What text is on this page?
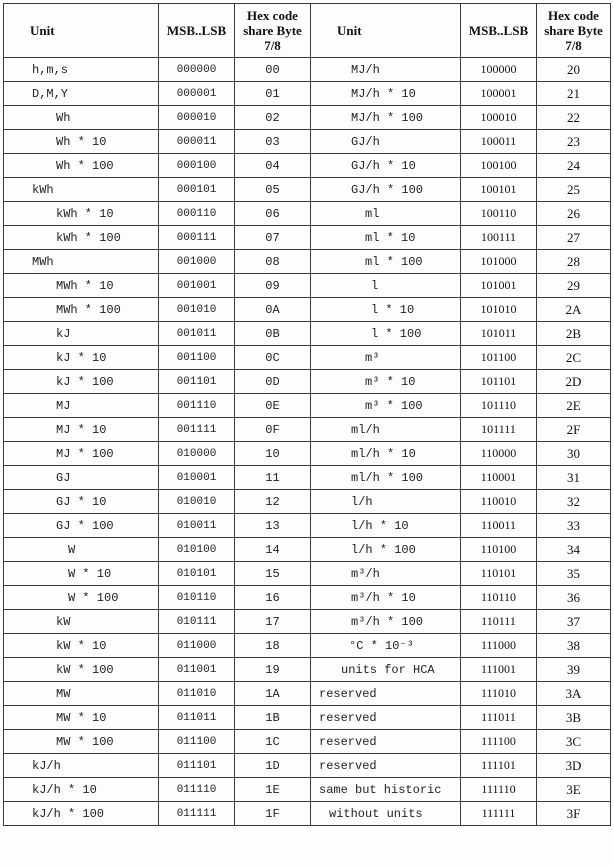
Unit	MSB..LSB	Hex code share Byte 7/8	Unit	MSB..LSB	Hex code share Byte 7/8
h,m,s	000000	00	MJ/h	100000	20
D,M,Y	000001	01	MJ/h * 10	100001	21
Wh	000010	02	MJ/h * 100	100010	22
Wh * 10	000011	03	GJ/h	100011	23
Wh * 100	000100	04	GJ/h * 10	100100	24
kWh	000101	05	GJ/h * 100	100101	25
kWh * 10	000110	06	ml	100110	26
kWh * 100	000111	07	ml * 10	100111	27
MWh	001000	08	ml * 100	101000	28
MWh * 10	001001	09	l	101001	29
MWh * 100	001010	0A	l * 10	101010	2A
kJ	001011	0B	l * 100	101011	2B
kJ * 10	001100	0C	m³	101100	2C
kJ * 100	001101	0D	m³ * 10	101101	2D
MJ	001110	0E	m³ * 100	101110	2E
MJ * 10	001111	0F	ml/h	101111	2F
MJ * 100	010000	10	ml/h * 10	110000	30
GJ	010001	11	ml/h * 100	110001	31
GJ * 10	010010	12	l/h	110010	32
GJ * 100	010011	13	l/h * 10	110011	33
W	010100	14	l/h * 100	110100	34
W * 10	010101	15	m³/h	110101	35
W * 100	010110	16	m³/h * 10	110110	36
kW	010111	17	m³/h * 100	110111	37
kW * 10	011000	18	°C * 10⁻³	111000	38
kW * 100	011001	19	units for HCA	111001	39
MW	011010	1A	reserved	111010	3A
MW * 10	011011	1B	reserved	111011	3B
MW * 100	011100	1C	reserved	111100	3C
kJ/h	011101	1D	reserved	111101	3D
kJ/h * 10	011110	1E	same but historic	111110	3E
kJ/h * 100	011111	1F	without units	111111	3F
